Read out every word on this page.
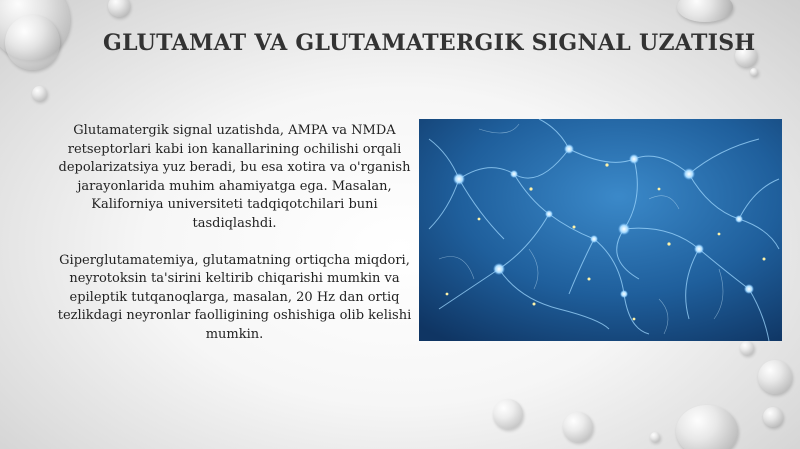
GLUTAMAT VA GLUTAMATERGIK SIGNAL UZATISH

Glutamatergik signal uzatishda, AMPA va NMDA retseptorlari kabi ion kanallarining ochilishi orqali depolarizatsiya yuz beradi, bu esa xotira va o'rganish jarayonlarida muhim ahamiyatga ega. Masalan, Kaliforniya universiteti tadqiqotchilari buni tasdiqlashdi.

Giperglutamatemiya, glutamatning ortiqcha miqdori, neyrotoksin ta'sirini keltirib chiqarishi mumkin va epileptik tutqanoqlarga, masalan, 20 Hz dan ortiq tezlikdagi neyronlar faolligining oshishiga olib kelishi mumkin.
